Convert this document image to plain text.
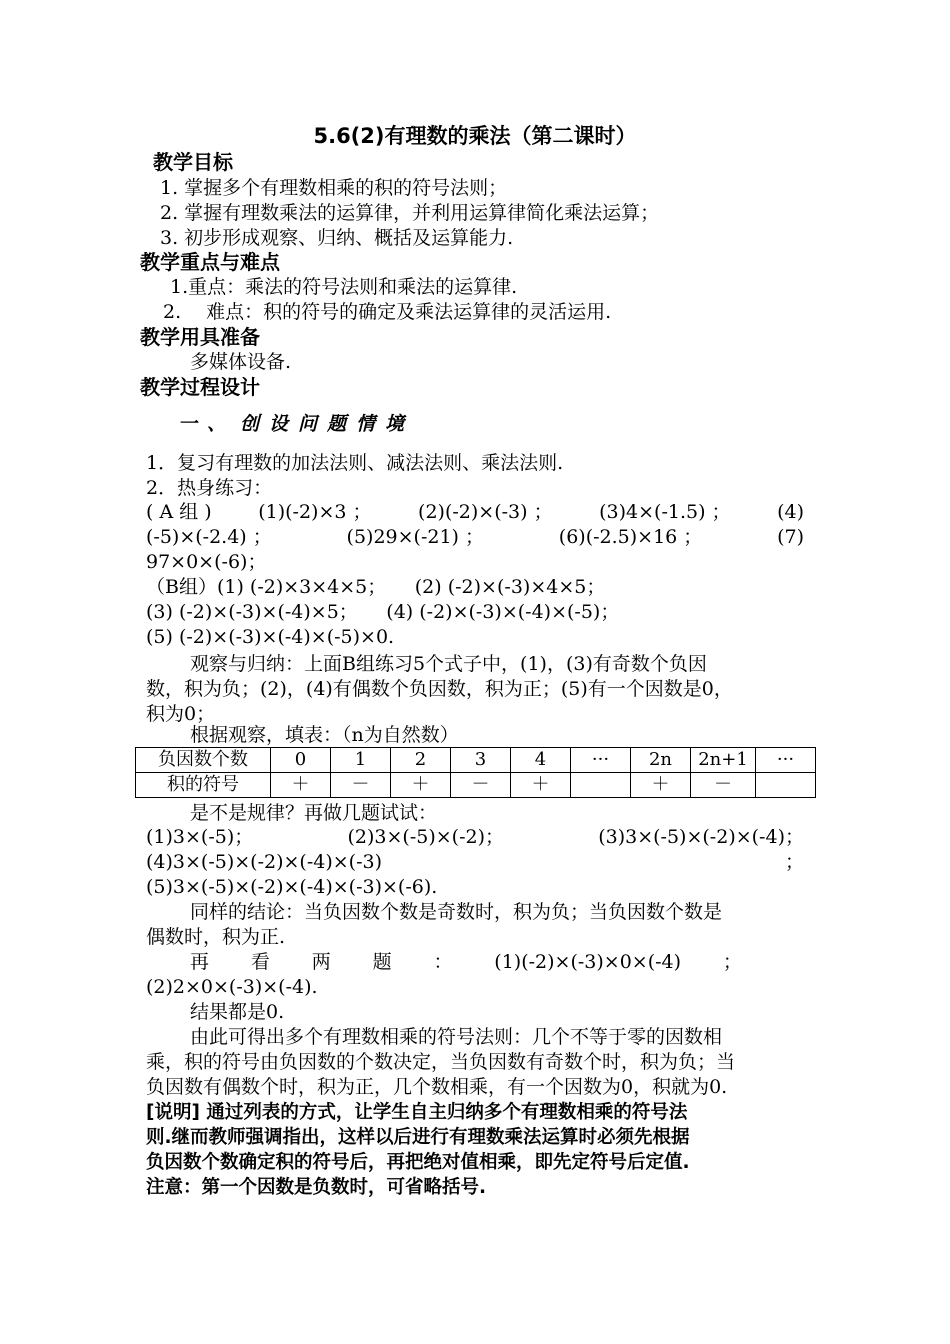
5.6(2)有理数的乘法（第二课时）
教学目标
1. 掌握多个有理数相乘的积的符号法则；
2. 掌握有理数乘法的运算律，并利用运算律简化乘法运算；
3. 初步形成观察、归纳、概括及运算能力.
教学重点与难点
1.重点：乘法的符号法则和乘法的运算律.
2.　 难点：积的符号的确定及乘法运算律的灵活运用.
教学用具准备
多媒体设备.
教学过程设计
一、 创设问题情境
1．复习有理数的加法法则、减法法则、乘法法则.
2．热身练习：
( A 组 ) (1)(-2)×3 ； (2)(-2)×(-3) ； (3)4×(-1.5) ； (4)
(-5)×(-2.4) ；	(5)29×(-21) ；	(6)(-2.5)×16 ；	(7)
97×0×(-6)；
（B组）(1) (-2)×3×4×5；　　(2) (-2)×(-3)×4×5；
(3) (-2)×(-3)×(-4)×5；　　(4) (-2)×(-3)×(-4)×(-5)；
(5) (-2)×(-3)×(-4)×(-5)×0.
观察与归纳：上面B组练习5个式子中，(1)，(3)有奇数个负因
数，积为负；(2)，(4)有偶数个负因数，积为正；(5)有一个因数是0，
积为0；
根据观察，填表：（n为自然数）
负因数个数	0	1	2	3	4	···	2n	2n+1	···
积的符号	＋	－	＋	－	＋		＋	－	
是不是规律？再做几题试试：
(1)3×(-5)；	(2)3×(-5)×(-2)；	(3)3×(-5)×(-2)×(-4)；
(4)3×(-5)×(-2)×(-4)×(-3)	；
(5)3×(-5)×(-2)×(-4)×(-3)×(-6).
同样的结论：当负因数个数是奇数时，积为负；当负因数个数是
偶数时，积为正.
再 看 两 题 ： (1)(-2)×(-3)×0×(-4) ；
(2)2×0×(-3)×(-4).
结果都是0.
由此可得出多个有理数相乘的符号法则：几个不等于零的因数相
乘，积的符号由负因数的个数决定，当负因数有奇数个时，积为负；当
负因数有偶数个时，积为正，几个数相乘，有一个因数为0，积就为0.
[说明] 通过列表的方式，让学生自主归纳多个有理数相乘的符号法
则.继而教师强调指出，这样以后进行有理数乘法运算时必须先根据
负因数个数确定积的符号后，再把绝对值相乘，即先定符号后定值.
注意：第一个因数是负数时，可省略括号.
